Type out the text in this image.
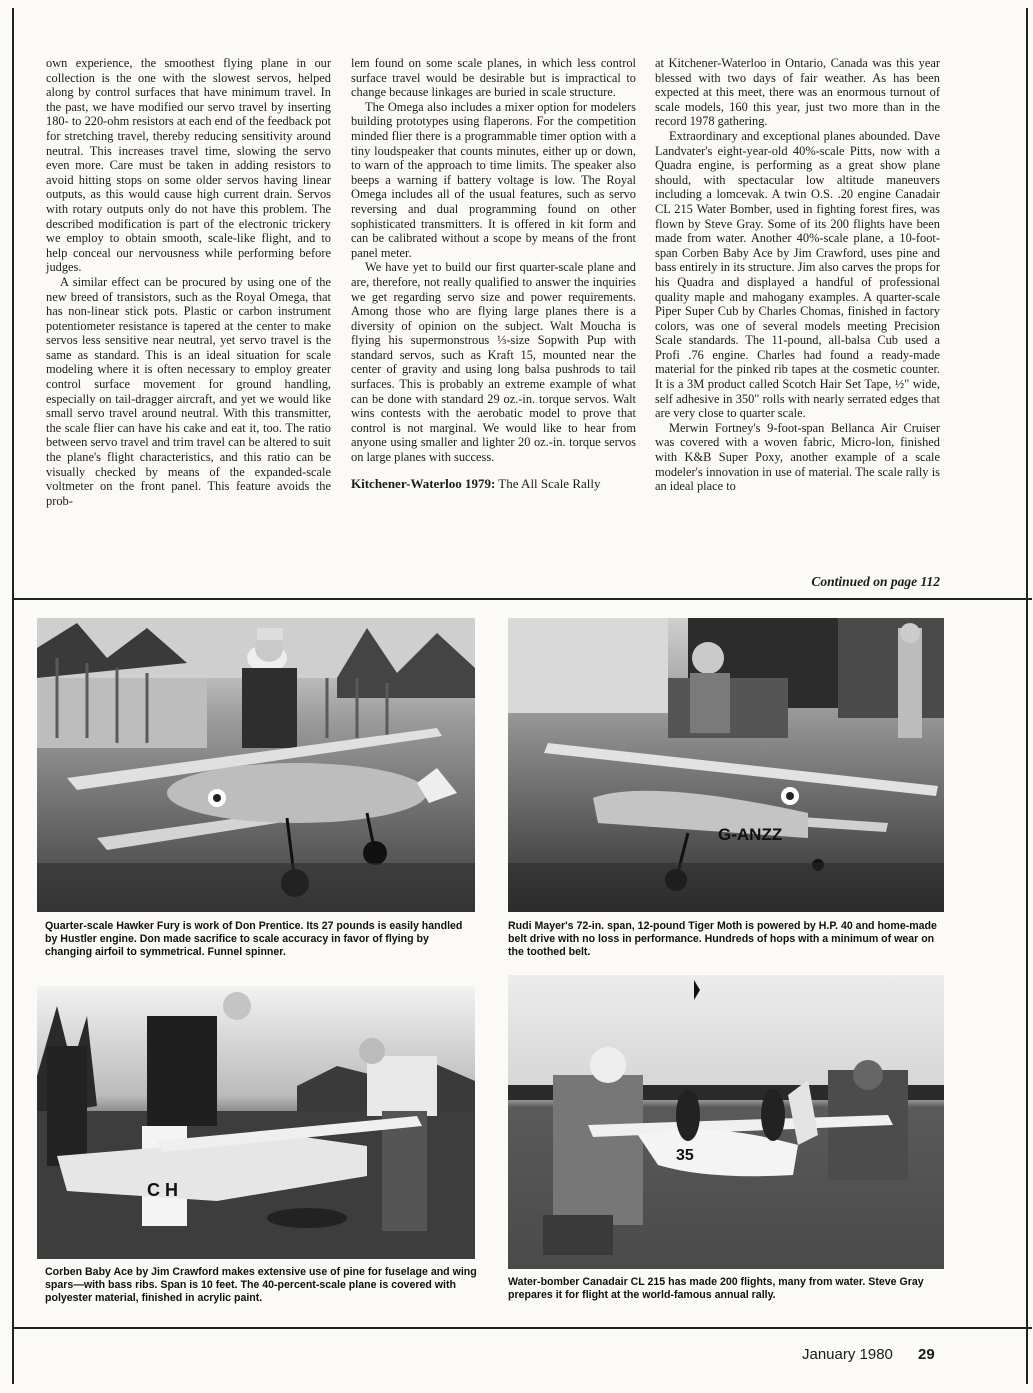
own experience, the smoothest flying plane in our collection is the one with the slowest servos, helped along by control surfaces that have minimum travel. In the past, we have modified our servo travel by inserting 180- to 220-ohm resistors at each end of the feedback pot for stretching travel, thereby reducing sensitivity around neutral. This increases travel time, slowing the servo even more. Care must be taken in adding resistors to avoid hitting stops on some older servos having linear outputs, as this would cause high current drain. Servos with rotary outputs only do not have this problem. The described modification is part of the electronic trickery we employ to obtain smooth, scale-like flight, and to help conceal our nervousness while performing before judges.

A similar effect can be procured by using one of the new breed of transistors, such as the Royal Omega, that has non-linear stick pots. Plastic or carbon instrument potentiometer resistance is tapered at the center to make servos less sensitive near neutral, yet servo travel is the same as standard. This is an ideal situation for scale modeling where it is often necessary to employ greater control surface movement for ground handling, especially on tail-dragger aircraft, and yet we would like small servo travel around neutral. With this transmitter, the scale flier can have his cake and eat it, too. The ratio between servo travel and trim travel can be altered to suit the plane's flight characteristics, and this ratio can be visually checked by means of the expanded-scale voltmeter on the front panel. This feature avoids the prob-

lem found on some scale planes, in which less control surface travel would be desirable but is impractical to change because linkages are buried in scale structure.

The Omega also includes a mixer option for modelers building prototypes using flaperons. For the competition minded flier there is a programmable timer option with a tiny loudspeaker that counts minutes, either up or down, to warn of the approach to time limits. The speaker also beeps a warning if battery voltage is low. The Royal Omega includes all of the usual features, such as servo reversing and dual programming found on other sophisticated transmitters. It is offered in kit form and can be calibrated without a scope by means of the front panel meter.

We have yet to build our first quarter-scale plane and are, therefore, not really qualified to answer the inquiries we get regarding servo size and power requirements. Among those who are flying large planes there is a diversity of opinion on the subject. Walt Moucha is flying his supermonstrous ⅓-size Sopwith Pup with standard servos, such as Kraft 15, mounted near the center of gravity and using long balsa pushrods to tail surfaces. This is probably an extreme example of what can be done with standard 29 oz.-in. torque servos. Walt wins contests with the aerobatic model to prove that control is not marginal. We would like to hear from anyone using smaller and lighter 20 oz.-in. torque servos on large planes with success.

Kitchener-Waterloo 1979: The All Scale Rally

at Kitchener-Waterloo in Ontario, Canada was this year blessed with two days of fair weather. As has been expected at this meet, there was an enormous turnout of scale models, 160 this year, just two more than in the record 1978 gathering.

Extraordinary and exceptional planes abounded. Dave Landvater's eight-year-old 40%-scale Pitts, now with a Quadra engine, is performing as a great show plane should, with spectacular low altitude maneuvers including a lomcevak. A twin O.S. .20 engine Canadair CL 215 Water Bomber, used in fighting forest fires, was flown by Steve Gray. Some of its 200 flights have been made from water. Another 40%-scale plane, a 10-foot-span Corben Baby Ace by Jim Crawford, uses pine and bass entirely in its structure. Jim also carves the props for his Quadra and displayed a handful of professional quality maple and mahogany examples. A quarter-scale Piper Super Cub by Charles Chomas, finished in factory colors, was one of several models meeting Precision Scale standards. The 11-pound, all-balsa Cub used a Profi .76 engine. Charles had found a ready-made material for the pinked rib tapes at the cosmetic counter. It is a 3M product called Scotch Hair Set Tape, ½" wide, self adhesive in 350" rolls with nearly serrated edges that are very close to quarter scale.

Merwin Fortney's 9-foot-span Bellanca Air Cruiser was covered with a woven fabric, Micro-lon, finished with K&B Super Poxy, another example of a scale modeler's innovation in use of material. The scale rally is an ideal place to

Continued on page 112
Quarter-scale Hawker Fury is work of Don Prentice. Its 27 pounds is easily handled by Hustler engine. Don made sacrifice to scale accuracy in favor of flying by changing airfoil to symmetrical. Funnel spinner.
G-ANZZ
Rudi Mayer's 72-in. span, 12-pound Tiger Moth is powered by H.P. 40 and home-made belt drive with no loss in performance. Hundreds of hops with a minimum of wear on the toothed belt.
C H
Corben Baby Ace by Jim Crawford makes extensive use of pine for fuselage and wing spars—with bass ribs. Span is 10 feet. The 40-percent-scale plane is covered with polyester material, finished in acrylic paint.
35
Water-bomber Canadair CL 215 has made 200 flights, many from water. Steve Gray prepares it for flight at the world-famous annual rally.
January 1980 29
